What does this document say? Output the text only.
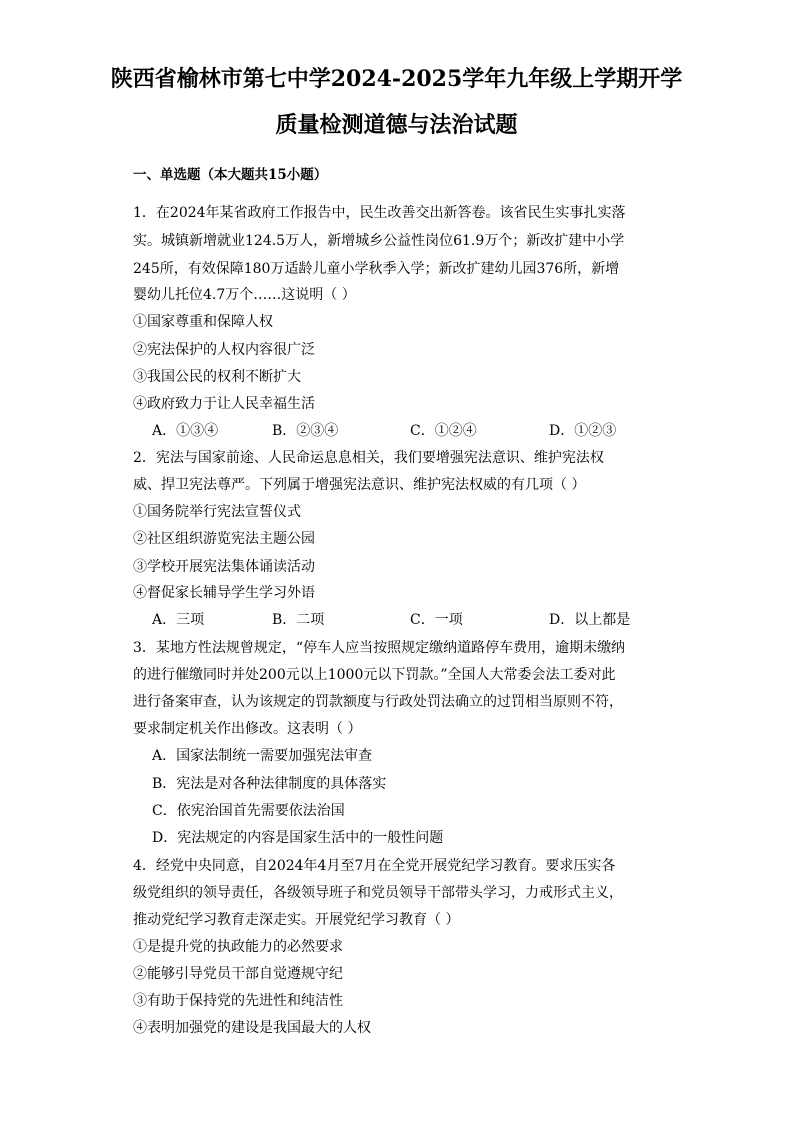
陕西省榆林市第七中学2024-2025学年九年级上学期开学
质量检测道德与法治试题
一、单选题（本大题共15小题）
1．在2024年某省政府工作报告中，民生改善交出新答卷。该省民生实事扎实落
实。城镇新增就业124.5万人，新增城乡公益性岗位61.9万个；新改扩建中小学
245所，有效保障180万适龄儿童小学秋季入学；新改扩建幼儿园376所，新增
婴幼儿托位4.7万个……这说明（ ）
①国家尊重和保障人权
②宪法保护的人权内容很广泛
③我国公民的权利不断扩大
④政府致力于让人民幸福生活
A．①③④	B．②③④	C．①②④	D．①②③
2．宪法与国家前途、人民命运息息相关，我们要增强宪法意识、维护宪法权
威、捍卫宪法尊严。下列属于增强宪法意识、维护宪法权威的有几项（ ）
①国务院举行宪法宣誓仪式
②社区组织游览宪法主题公园
③学校开展宪法集体诵读活动
④督促家长辅导学生学习外语
A．三项	B．二项	C．一项	D．以上都是
3．某地方性法规曾规定，“停车人应当按照规定缴纳道路停车费用，逾期未缴纳
的进行催缴同时并处200元以上1000元以下罚款。”全国人大常委会法工委对此
进行备案审查，认为该规定的罚款额度与行政处罚法确立的过罚相当原则不符，
要求制定机关作出修改。这表明（ ）
A．国家法制统一需要加强宪法审查
B．宪法是对各种法律制度的具体落实
C．依宪治国首先需要依法治国
D．宪法规定的内容是国家生活中的一般性问题
4．经党中央同意，自2024年4月至7月在全党开展党纪学习教育。要求压实各
级党组织的领导责任，各级领导班子和党员领导干部带头学习，力戒形式主义，
推动党纪学习教育走深走实。开展党纪学习教育（ ）
①是提升党的执政能力的必然要求
②能够引导党员干部自觉遵规守纪
③有助于保持党的先进性和纯洁性
④表明加强党的建设是我国最大的人权
